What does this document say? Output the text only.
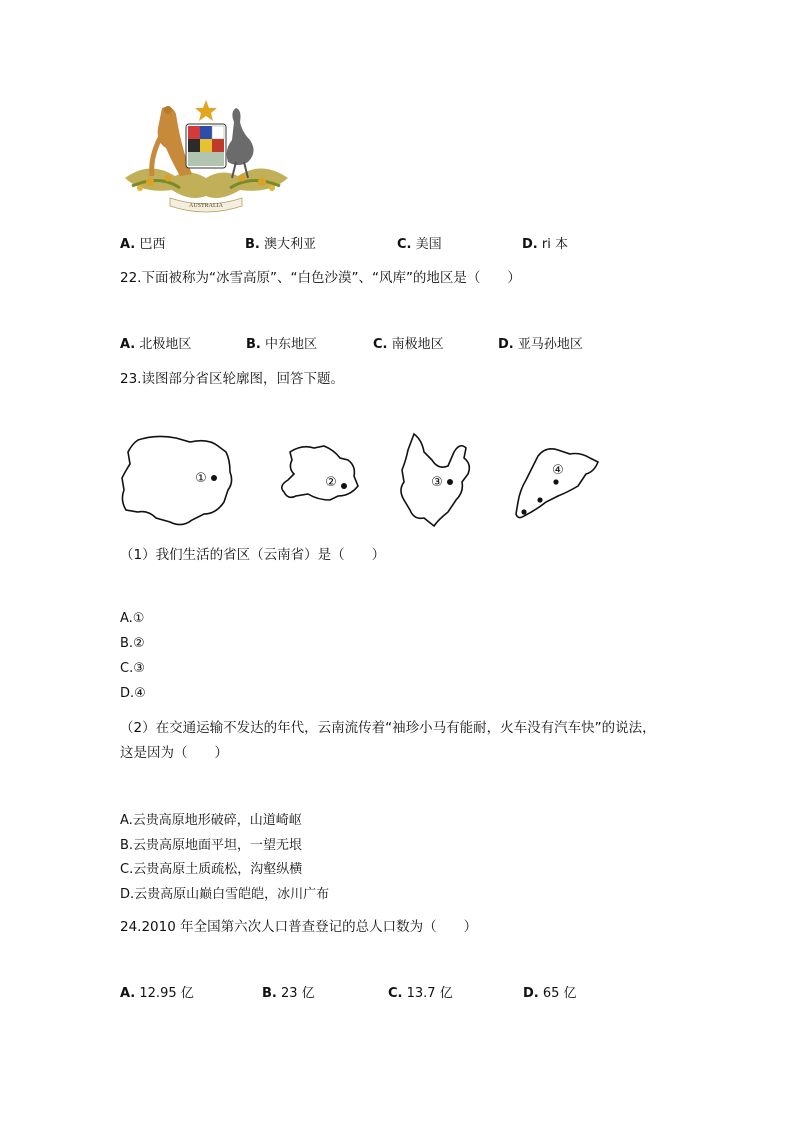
AUSTRALIA
A. 巴西	B. 澳大利亚	C. 美国	D. ri 本
22.下面被称为“冰雪高原”、“白色沙漠”、“风库”的地区是（　　）
A. 北极地区	B. 中东地区	C. 南极地区	D. 亚马孙地区
23.读图部分省区轮廓图，回答下题。
①	②	③
④
（1）我们生活的省区（云南省）是（　　）
A.①
B.②
C.③
D.④
（2）在交通运输不发达的年代，云南流传着“袖珍小马有能耐，火车没有汽车快”的说法，
这是因为（　　）
A.云贵高原地形破碎，山道崎岖
B.云贵高原地面平坦，一望无垠
C.云贵高原土质疏松，沟壑纵横
D.云贵高原山巅白雪皑皑，冰川广布
24.2010 年全国第六次人口普查登记的总人口数为（　　）
A. 12.95 亿	B. 23 亿	C. 13.7 亿	D. 65 亿
